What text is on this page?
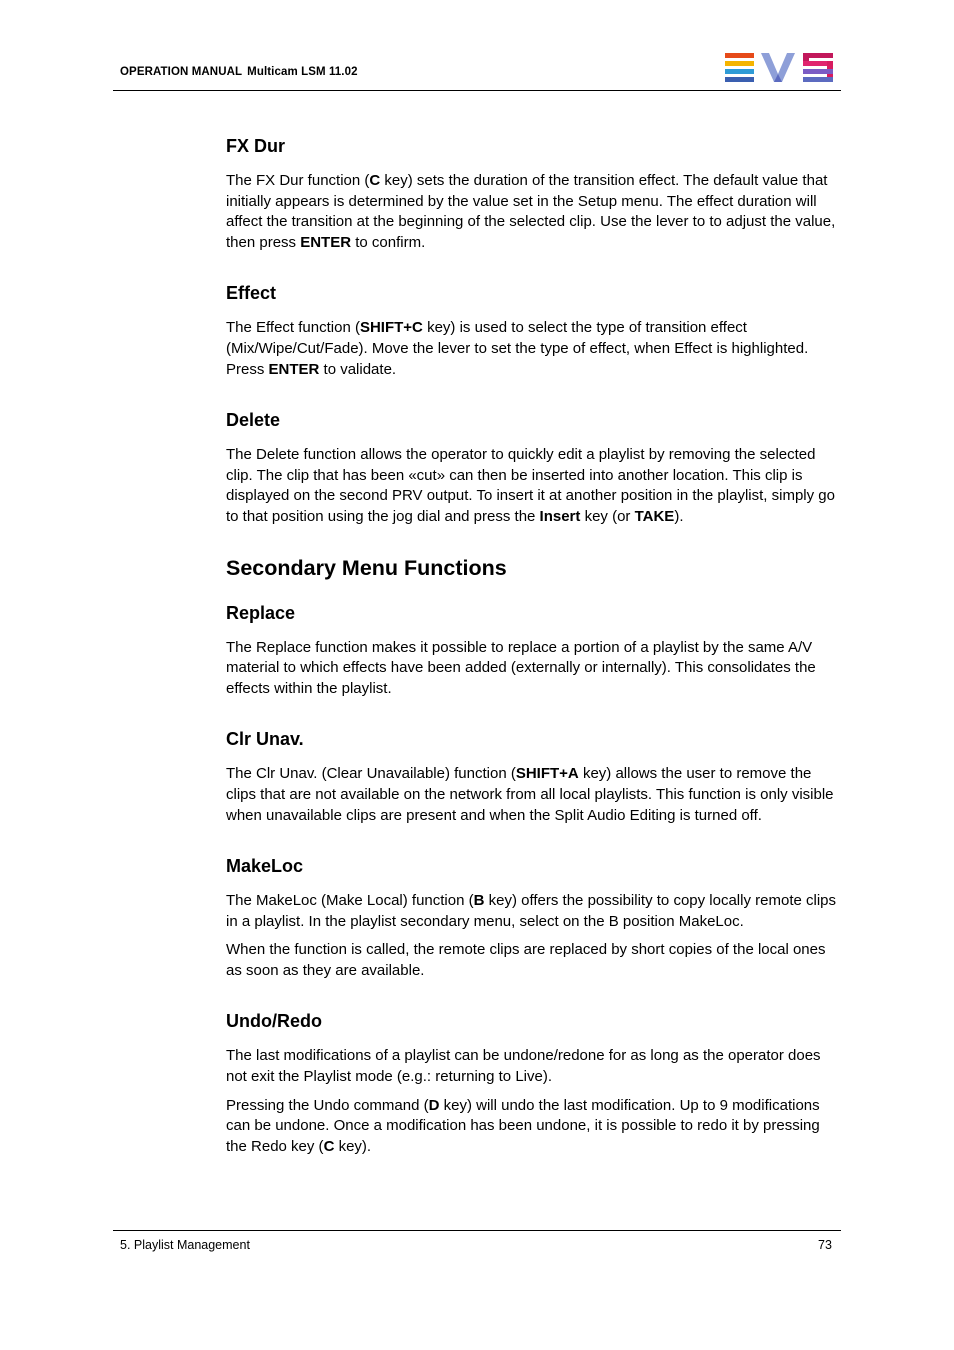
OPERATION MANUAL Multicam LSM 11.02
FX Dur

The FX Dur function (C key) sets the duration of the transition effect. The default value that initially appears is determined by the value set in the Setup menu. The effect duration will affect the transition at the beginning of the selected clip. Use the lever to to adjust the value, then press ENTER to confirm.

Effect

The Effect function (SHIFT+C key) is used to select the type of transition effect (Mix/Wipe/Cut/Fade). Move the lever to set the type of effect, when Effect is highlighted. Press ENTER to validate.

Delete

The Delete function allows the operator to quickly edit a playlist by removing the selected clip. The clip that has been «cut» can then be inserted into another location. This clip is displayed on the second PRV output. To insert it at another position in the playlist, simply go to that position using the jog dial and press the Insert key (or TAKE).

Secondary Menu Functions
Replace

The Replace function makes it possible to replace a portion of a playlist by the same A/V material to which effects have been added (externally or internally). This consolidates the effects within the playlist.

Clr Unav.

The Clr Unav. (Clear Unavailable) function (SHIFT+A key) allows the user to remove the clips that are not available on the network from all local playlists. This function is only visible when unavailable clips are present and when the Split Audio Editing is turned off.

MakeLoc

The MakeLoc (Make Local) function (B key) offers the possibility to copy locally remote clips in a playlist. In the playlist secondary menu, select on the B position MakeLoc.

When the function is called, the remote clips are replaced by short copies of the local ones as soon as they are available.

Undo/Redo

The last modifications of a playlist can be undone/redone for as long as the operator does not exit the Playlist mode (e.g.: returning to Live).

Pressing the Undo command (D key) will undo the last modification. Up to 9 modifications can be undone. Once a modification has been undone, it is possible to redo it by pressing the Redo key (C key).

5. Playlist Management	73
